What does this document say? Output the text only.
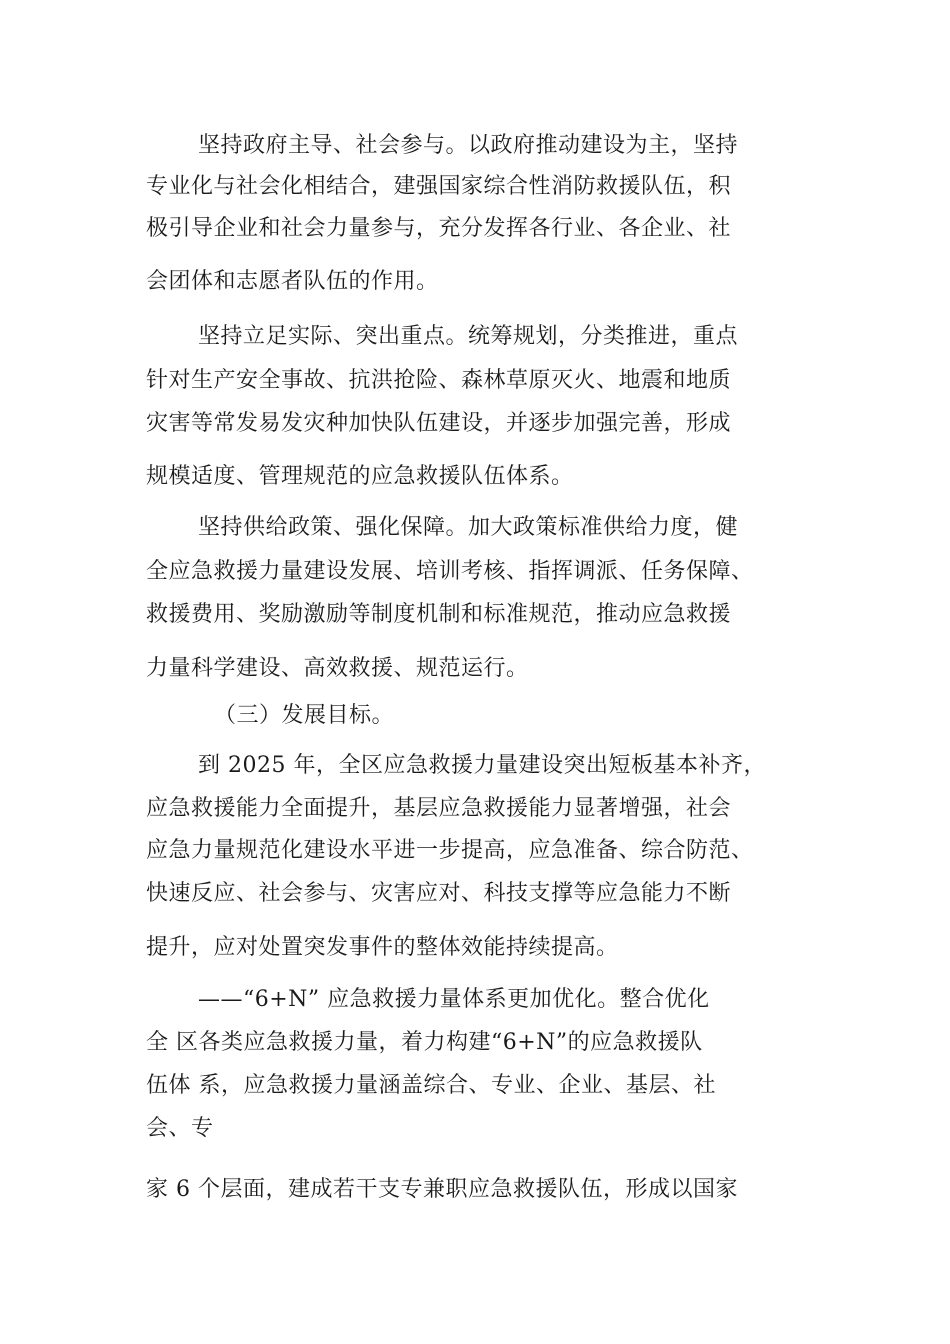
坚持政府主导、社会参与。以政府推动建设为主，坚持
专业化与社会化相结合，建强国家综合性消防救援队伍，积
极引导企业和社会力量参与，充分发挥各行业、各企业、社
会团体和志愿者队伍的作用。
坚持立足实际、突出重点。统筹规划，分类推进，重点
针对生产安全事故、抗洪抢险、森林草原灭火、地震和地质
灾害等常发易发灾种加快队伍建设，并逐步加强完善，形成
规模适度、管理规范的应急救援队伍体系。
坚持供给政策、强化保障。加大政策标准供给力度，健
全应急救援力量建设发展、培训考核、指挥调派、任务保障、
救援费用、奖励激励等制度机制和标准规范，推动应急救援
力量科学建设、高效救援、规范运行。
（三）发展目标。
到 2025 年，全区应急救援力量建设突出短板基本补齐，
应急救援能力全面提升，基层应急救援能力显著增强，社会
应急力量规范化建设水平进一步提高，应急准备、综合防范、
快速反应、社会参与、灾害应对、科技支撑等应急能力不断
提升，应对处置突发事件的整体效能持续提高。
——“6+N” 应急救援力量体系更加优化。整合优化
全 区各类应急救援力量，着力构建“6+N”的应急救援队
伍体 系，应急救援力量涵盖综合、专业、企业、基层、社
会、专
家 6 个层面，建成若干支专兼职应急救援队伍，形成以国家
